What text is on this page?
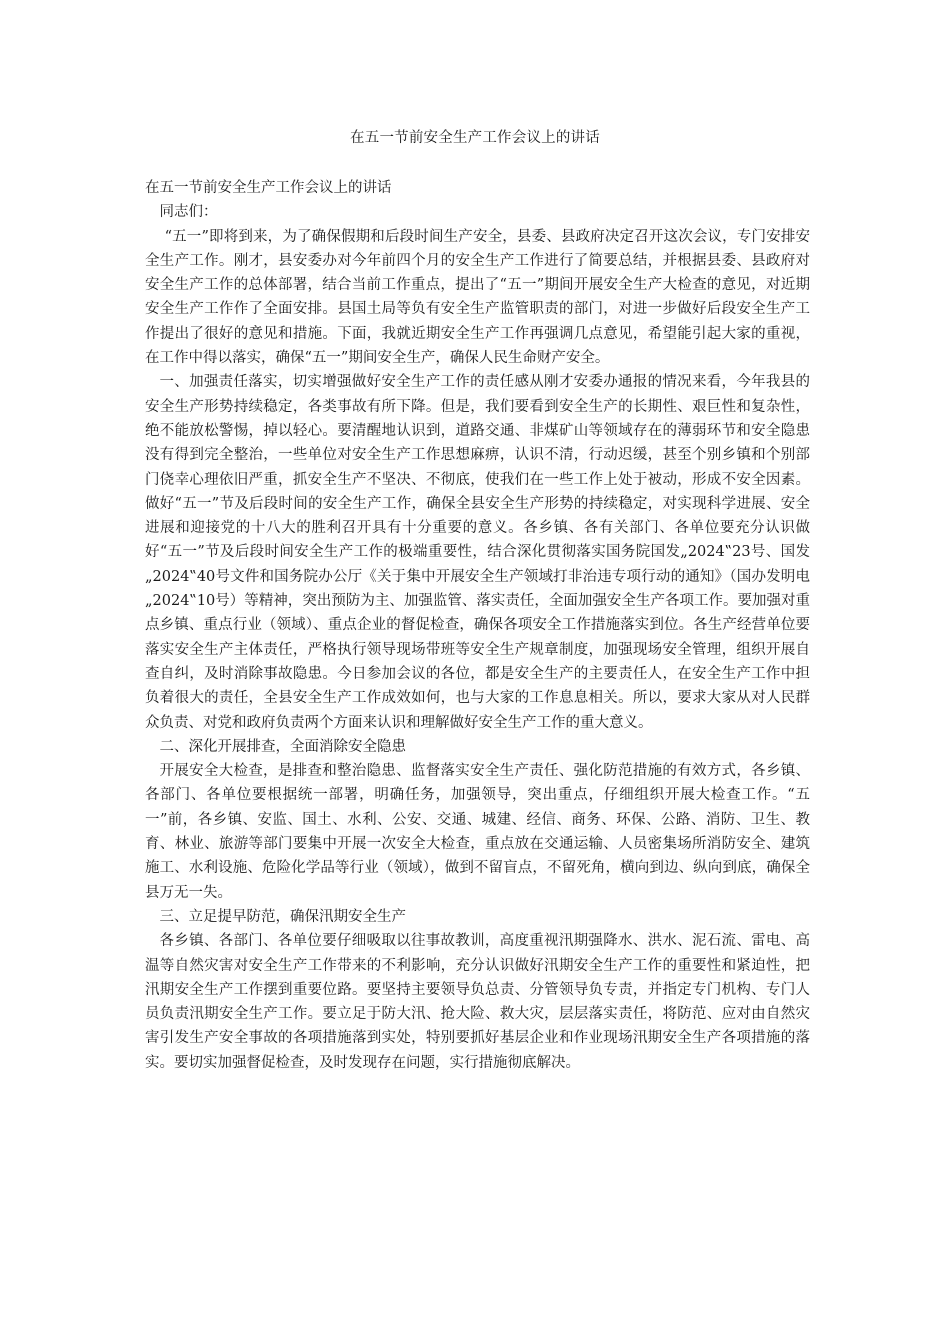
在五一节前安全生产工作会议上的讲话

在五一节前安全生产工作会议上的讲话

同志们：

“五一”即将到来，为了确保假期和后段时间生产安全，县委、县政府决定召开这次会议，专门安排安全生产工作。刚才，县安委办对今年前四个月的安全生产工作进行了简要总结，并根据县委、县政府对安全生产工作的总体部署，结合当前工作重点，提出了“五一”期间开展安全生产大检查的意见，对近期安全生产工作作了全面安排。县国土局等负有安全生产监管职责的部门，对进一步做好后段安全生产工作提出了很好的意见和措施。下面，我就近期安全生产工作再强调几点意见，希望能引起大家的重视，在工作中得以落实，确保“五一”期间安全生产，确保人民生命财产安全。

一、加强责任落实，切实增强做好安全生产工作的责任感从刚才安委办通报的情况来看，今年我县的安全生产形势持续稳定，各类事故有所下降。但是，我们要看到安全生产的长期性、艰巨性和复杂性，绝不能放松警惕，掉以轻心。要清醒地认识到，道路交通、非煤矿山等领域存在的薄弱环节和安全隐患没有得到完全整治，一些单位对安全生产工作思想麻痹，认识不清，行动迟缓，甚至个别乡镇和个别部门侥幸心理依旧严重，抓安全生产不坚决、不彻底，使我们在一些工作上处于被动，形成不安全因素。做好“五一”节及后段时间的安全生产工作，确保全县安全生产形势的持续稳定，对实现科学进展、安全进展和迎接党的十八大的胜利召开具有十分重要的意义。各乡镇、各有关部门、各单位要充分认识做好“五一”节及后段时间安全生产工作的极端重要性，结合深化贯彻落实国务院国发„2024‟23号、国发„2024‟40号文件和国务院办公厅《关于集中开展安全生产领域打非治违专项行动的通知》（国办发明电„2024‟10号）等精神，突出预防为主、加强监管、落实责任，全面加强安全生产各项工作。要加强对重点乡镇、重点行业（领域）、重点企业的督促检查，确保各项安全工作措施落实到位。各生产经营单位要落实安全生产主体责任，严格执行领导现场带班等安全生产规章制度，加强现场安全管理，组织开展自查自纠，及时消除事故隐患。今日参加会议的各位，都是安全生产的主要责任人，在安全生产工作中担负着很大的责任，全县安全生产工作成效如何，也与大家的工作息息相关。所以，要求大家从对人民群众负责、对党和政府负责两个方面来认识和理解做好安全生产工作的重大意义。

二、深化开展排查，全面消除安全隐患

开展安全大检查，是排查和整治隐患、监督落实安全生产责任、强化防范措施的有效方式，各乡镇、各部门、各单位要根据统一部署，明确任务，加强领导，突出重点，仔细组织开展大检查工作。“五一”前，各乡镇、安监、国土、水利、公安、交通、城建、经信、商务、环保、公路、消防、卫生、教育、林业、旅游等部门要集中开展一次安全大检查，重点放在交通运输、人员密集场所消防安全、建筑施工、水利设施、危险化学品等行业（领域），做到不留盲点，不留死角，横向到边、纵向到底，确保全县万无一失。

三、立足提早防范，确保汛期安全生产

各乡镇、各部门、各单位要仔细吸取以往事故教训，高度重视汛期强降水、洪水、泥石流、雷电、高温等自然灾害对安全生产工作带来的不利影响，充分认识做好汛期安全生产工作的重要性和紧迫性，把汛期安全生产工作摆到重要位路。要坚持主要领导负总责、分管领导负专责，并指定专门机构、专门人员负责汛期安全生产工作。要立足于防大汛、抢大险、救大灾，层层落实责任，将防范、应对由自然灾害引发生产安全事故的各项措施落到实处，特别要抓好基层企业和作业现场汛期安全生产各项措施的落实。要切实加强督促检查，及时发现存在问题，实行措施彻底解决。
